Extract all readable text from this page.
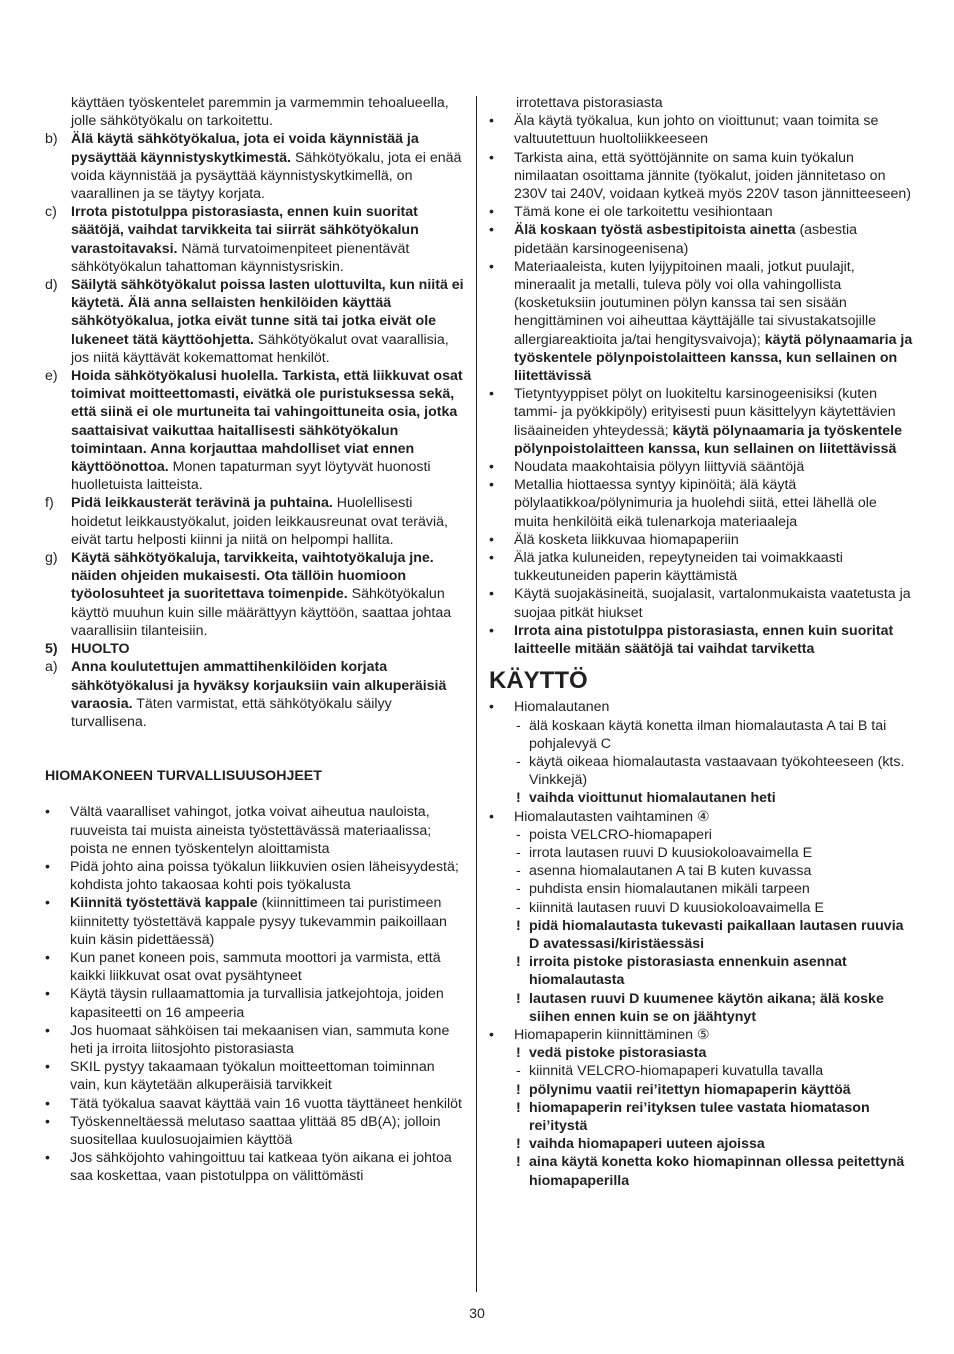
käyttäen työskentelet paremmin ja varmemmin tehoalueella, jolle sähkötyökalu on tarkoitettu.

b) Älä käytä sähkötyökalua, jota ei voida käynnistää ja pysäyttää käynnistyskytkimestä. Sähkötyökalu, jota ei enää voida käynnistää ja pysäyttää käynnistyskytkimellä, on vaarallinen ja se täytyy korjata.
c) Irrota pistotulppa pistorasiasta, ennen kuin suoritat säätöjä, vaihdat tarvikkeita tai siirrät sähkötyökalun varastoitavaksi. Nämä turvatoimenpiteet pienentävät sähkötyökalun tahattoman käynnistysriskin.
d) Säilytä sähkötyökalut poissa lasten ulottuvilta, kun niitä ei käytetä. Älä anna sellaisten henkilöiden käyttää sähkötyökalua, jotka eivät tunne sitä tai jotka eivät ole lukeneet tätä käyttöohjetta. Sähkötyökalut ovat vaarallisia, jos niitä käyttävät kokemattomat henkilöt.
e) Hoida sähkötyökalusi huolella. Tarkista, että liikkuvat osat toimivat moitteettomasti, eivätkä ole puristuksessa sekä, että siinä ei ole murtuneita tai vahingoittuneita osia, jotka saattaisivat vaikuttaa haitallisesti sähkötyökalun toimintaan. Anna korjauttaa mahdolliset viat ennen käyttöönottoa. Monen tapaturman syyt löytyvät huonosti huolletuista laitteista.
f)	Pidä leikkausterät terävinä ja puhtaina. Huolellisesti hoidetut leikkaustyökalut, joiden leikkausreunat ovat teräviä, eivät tartu helposti kiinni ja niitä on helpompi hallita.
g) Käytä sähkötyökaluja, tarvikkeita, vaihtotyökaluja jne. näiden ohjeiden mukaisesti. Ota tällöin huomioon työolosuhteet ja suoritettava toimenpide. Sähkötyökalun käyttö muuhun kuin sille määrättyyn käyttöön, saattaa johtaa vaarallisiin tilanteisiin.
5) HUOLTO
a) Anna koulutettujen ammattihenkilöiden korjata sähkötyökalusi ja hyväksy korjauksiin vain alkuperäisiä varaosia. Täten varmistat, että sähkötyökalu säilyy turvallisena.

HIOMAKONEEN TURVALLISUUSOHJEET

•	Vältä vaaralliset vahingot, jotka voivat aiheutua nauloista, ruuveista tai muista aineista työstettävässä materiaalissa; poista ne ennen työskentelyn aloittamista
•	Pidä johto aina poissa työkalun liikkuvien osien läheisyydestä; kohdista johto takaosaa kohti pois työkalusta
•	Kiinnitä työstettävä kappale (kiinnittimeen tai puristimeen kiinnitetty työstettävä kappale pysyy tukevammin paikoillaan kuin käsin pidettäessä)
•	Kun panet koneen pois, sammuta moottori ja varmista, että kaikki liikkuvat osat ovat pysähtyneet
•	Käytä täysin rullaamattomia ja turvallisia jatkejohtoja, joiden kapasiteetti on 16 ampeeria
•	Jos huomaat sähköisen tai mekaanisen vian, sammuta kone heti ja irroita liitosjohto pistorasiasta
•	SKIL pystyy takaamaan työkalun moitteettoman toiminnan vain, kun käytetään alkuperäisiä tarvikkeit
•	Tätä työkalua saavat käyttää vain 16 vuotta täyttäneet henkilöt
•	Työskenneltäessä melutaso saattaa ylittää 85 dB(A); jolloin suositellaa kuulosuojaimien käyttöä
•	Jos sähköjohto vahingoittuu tai katkeaa työn aikana ei johtoa saa koskettaa, vaan pistotulppa on välittömästi

irrotettava pistorasiasta

•	Äla käytä työkalua, kun johto on vioittunut; vaan toimita se valtuutettuun huoltoliikkeeseen
•	Tarkista aina, että syöttöjännite on sama kuin työkalun nimilaatan osoittama jännite (työkalut, joiden jännitetaso on 230V tai 240V, voidaan kytkeä myös 220V tason jännitteeseen)
•	Tämä kone ei ole tarkoitettu vesihiontaan
•	Älä koskaan työstä asbestipitoista ainetta (asbestia pidetään karsinogeenisena)
•	Materiaaleista, kuten lyijypitoinen maali, jotkut puulajit, mineraalit ja metalli, tuleva pöly voi olla vahingollista (kosketuksiin joutuminen pölyn kanssa tai sen sisään hengittäminen voi aiheuttaa käyttäjälle tai sivustakatsojille allergiareaktioita ja/tai hengitysvaivoja); käytä pölynaamaria ja työskentele pölynpoistolaitteen kanssa, kun sellainen on liitettävissä
•	Tietyntyyppiset pölyt on luokiteltu karsinogeenisiksi (kuten tammi- ja pyökkipöly) erityisesti puun käsittelyyn käytettävien lisäaineiden yhteydessä; käytä pölynaamaria ja työskentele pölynpoistolaitteen kanssa, kun sellainen on liitettävissä
•	Noudata maakohtaisia pölyyn liittyviä sääntöjä
•	Metallia hiottaessa syntyy kipinöitä; älä käytä pölylaatikkoa/pölynimuria ja huolehdi siitä, ettei lähellä ole muita henkilöitä eikä tulenarkoja materiaaleja
•	Älä kosketa liikkuvaa hiomapaperiin
•	Älä jatka kuluneiden, repeytyneiden tai voimakkaasti tukkeutuneiden paperin käyttämistä
•	Käytä suojakäsineitä, suojalasit, vartalonmukaista vaatetusta ja suojaa pitkät hiukset
•	Irrota aina pistotulppa pistorasiasta, ennen kuin suoritat laitteelle mitään säätöjä tai vaihdat tarviketta
KÄYTTÖ
•	Hiomalautanen
- älä koskaan käytä konetta ilman hiomalautasta A tai B tai pohjalevyä C
- käytä oikeaa hiomalautasta vastaavaan työkohteeseen (kts. Vinkkejä)
! vaihda vioittunut hiomalautanen heti
•	Hiomalautasten vaihtaminen ④
- poista VELCRO-hiomapaperi
- irrota lautasen ruuvi D kuusiokoloavaimella E
- asenna hiomalautanen A tai B kuten kuvassa
- puhdista ensin hiomalautanen mikäli tarpeen
- kiinnitä lautasen ruuvi D kuusiokoloavaimella E
! pidä hiomalautasta tukevasti paikallaan lautasen ruuvia D avatessasi/kiristäessäsi
! irroita pistoke pistorasiasta ennenkuin asennat hiomalautasta
! lautasen ruuvi D kuumenee käytön aikana; älä koske siihen ennen kuin se on jäähtynyt
•	Hiomapaperin kiinnittäminen ⑤
! vedä pistoke pistorasiasta
- kiinnitä VELCRO-hiomapaperi kuvatulla tavalla
! pölynimu vaatii rei’itettyn hiomapaperin käyttöä
! hiomapaperin rei’ityksen tulee vastata hiomatason rei’itystä
! vaihda hiomapaperi uuteen ajoissa
! aina käytä konetta koko hiomapinnan ollessa peitettynä hiomapaperilla
30
